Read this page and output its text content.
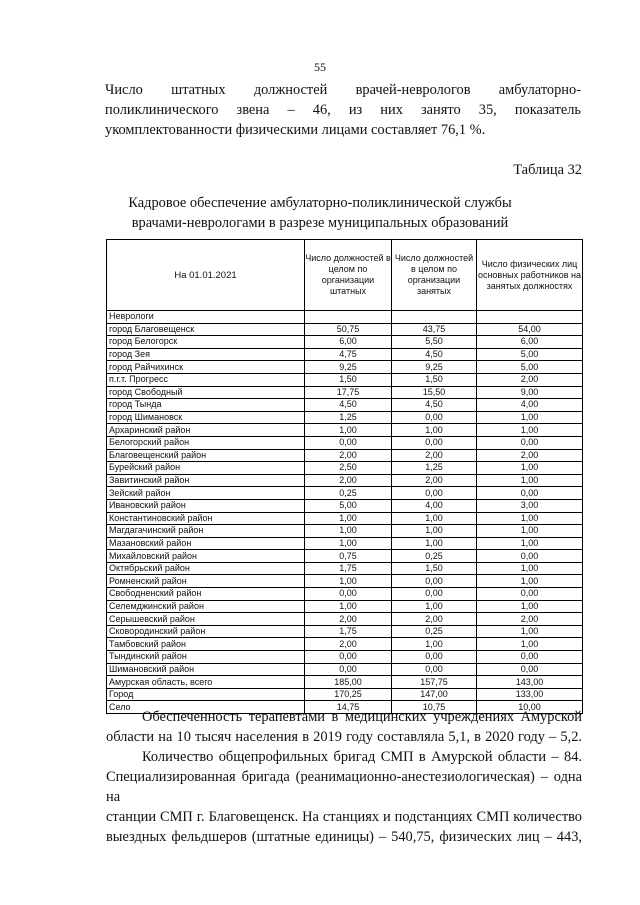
55
Число штатных должностей врачей-неврологов амбулаторно-
поликлинического звена – 46, из них занято 35, показатель
укомплектованности физическими лицами составляет 76,1 %.
Таблица 32
Кадровое обеспечение амбулаторно-поликлинической службы
врачами-неврологами в разрезе муниципальных образований
На 01.01.2021	Число должностей в целом по организации штатных	Число должностей в целом по организации занятых	Число физических лиц основных работников на занятых должностях
Неврологи			
город Благовещенск	50,75	43,75	54,00
город Белогорск	6,00	5,50	6,00
город Зея	4,75	4,50	5,00
город Райчихинск	9,25	9,25	5,00
п.г.т. Прогресс	1,50	1,50	2,00
город Свободный	17,75	15,50	9,00
город Тында	4,50	4,50	4,00
город Шимановск	1,25	0,00	1,00
Архаринский район	1,00	1,00	1,00
Белогорский район	0,00	0,00	0,00
Благовещенский район	2,00	2,00	2,00
Бурейский район	2,50	1,25	1,00
Завитинский район	2,00	2,00	1,00
Зейский район	0,25	0,00	0,00
Ивановский район	5,00	4,00	3,00
Константиновский район	1,00	1,00	1,00
Магдагачинский район	1,00	1,00	1,00
Мазановский район	1,00	1,00	1,00
Михайловский район	0,75	0,25	0,00
Октябрьский район	1,75	1,50	1,00
Ромненский район	1,00	0,00	1,00
Свободненский район	0,00	0,00	0,00
Селемджинский район	1,00	1,00	1,00
Серышевский район	2,00	2,00	2,00
Сковородинский район	1,75	0,25	1,00
Тамбовский район	2,00	1,00	1,00
Тындинский район	0,00	0,00	0,00
Шимановский район	0,00	0,00	0,00
Амурская область, всего	185,00	157,75	143,00
Город	170,25	147,00	133,00
Село	14,75	10,75	10,00
Обеспеченность терапевтами в медицинских учреждениях Амурской
области на 10 тысяч населения в 2019 году составляла 5,1, в 2020 году – 5,2.
Количество общепрофильных бригад СМП в Амурской области – 84.
Специализированная бригада (реанимационно-анестезиологическая) – одна на
станции СМП г. Благовещенск. На станциях и подстанциях СМП количество
выездных фельдшеров (штатные единицы) – 540,75, физических лиц – 443,
